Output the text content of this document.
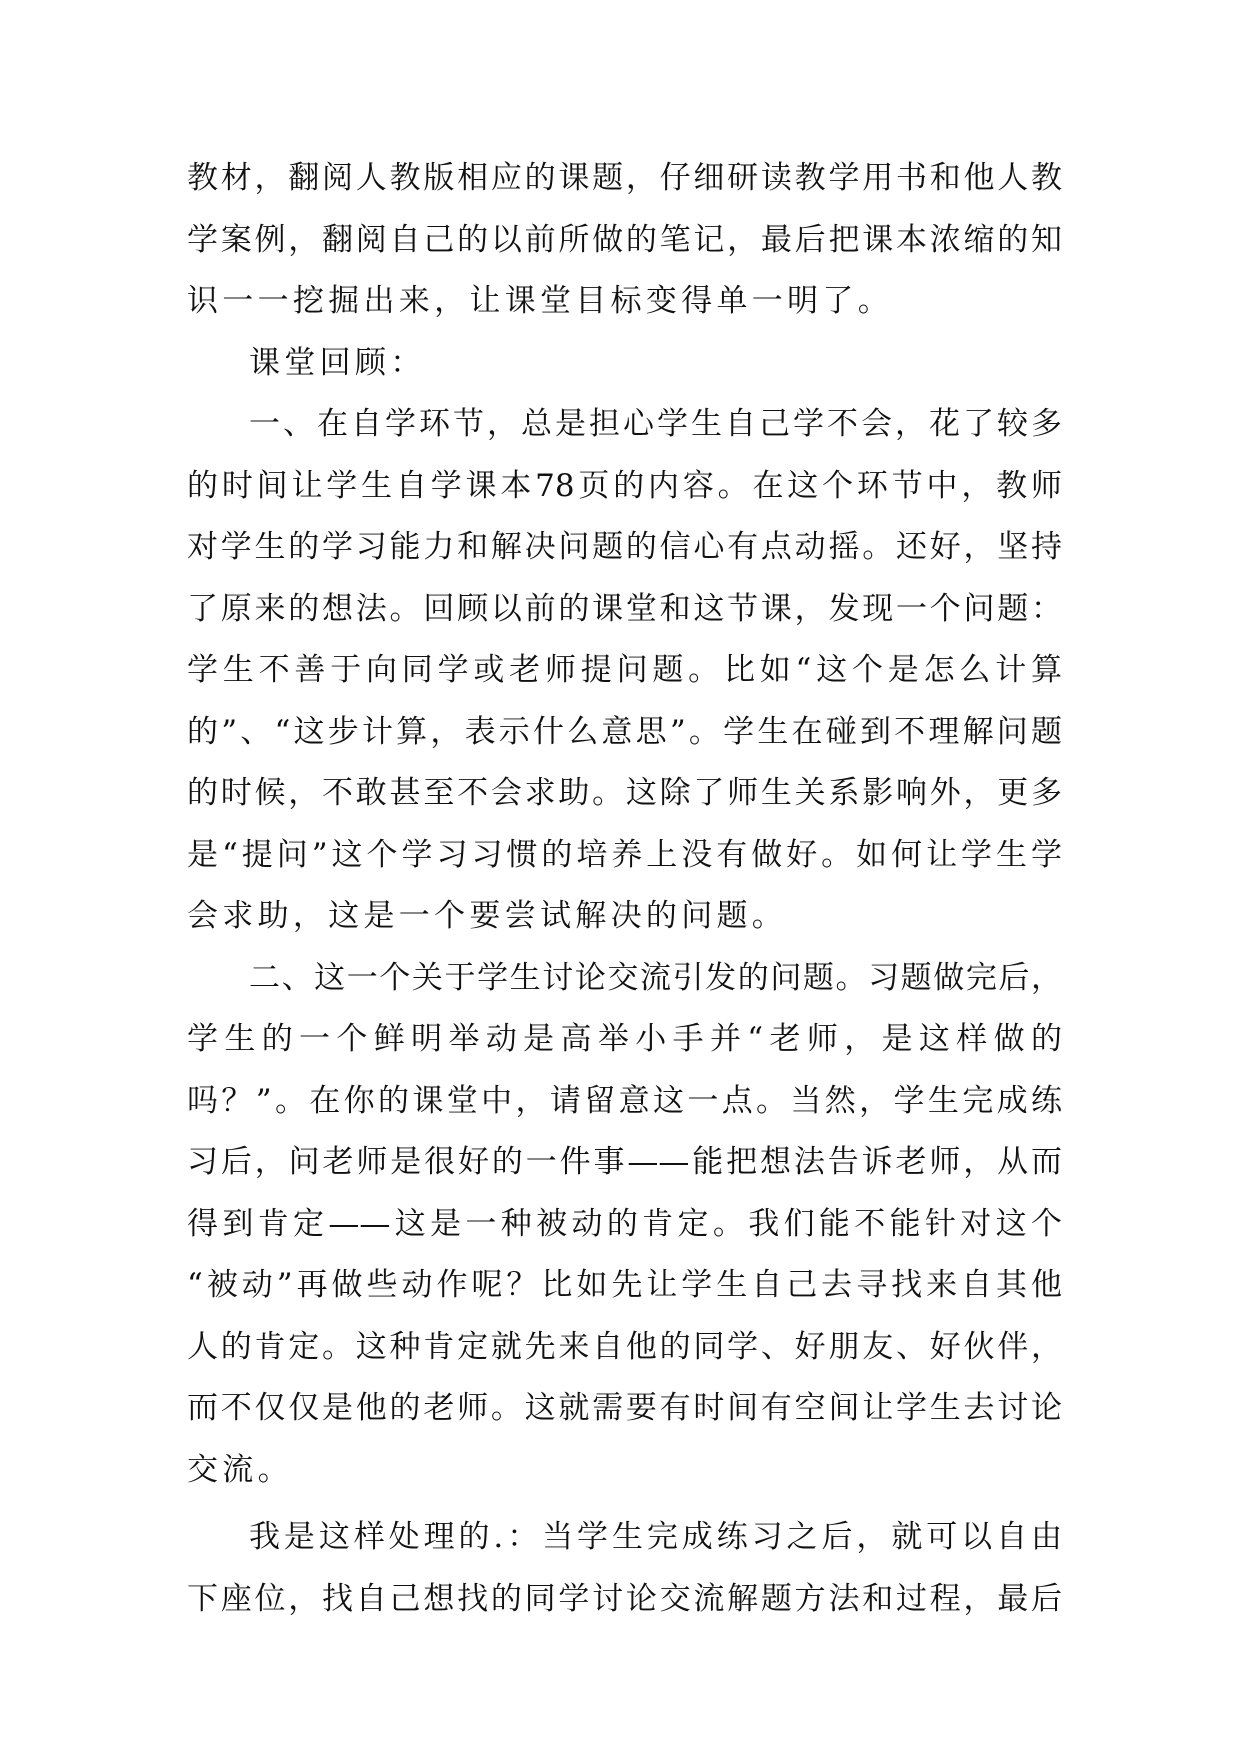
教材，翻阅人教版相应的课题，仔细研读教学用书和他人教
学案例，翻阅自己的以前所做的笔记，最后把课本浓缩的知
识一一挖掘出来，让课堂目标变得单一明了。
课堂回顾：
一、在自学环节，总是担心学生自己学不会，花了较多
的时间让学生自学课本78页的内容。在这个环节中，教师
对学生的学习能力和解决问题的信心有点动摇。还好，坚持
了原来的想法。回顾以前的课堂和这节课，发现一个问题：
学生不善于向同学或老师提问题。比如“这个是怎么计算
的”、“这步计算，表示什么意思”。学生在碰到不理解问题
的时候，不敢甚至不会求助。这除了师生关系影响外，更多
是“提问”这个学习习惯的培养上没有做好。如何让学生学
会求助，这是一个要尝试解决的问题。
二、这一个关于学生讨论交流引发的问题。习题做完后，
学生的一个鲜明举动是高举小手并“老师，是这样做的
吗？”。在你的课堂中，请留意这一点。当然，学生完成练
习后，问老师是很好的一件事——能把想法告诉老师，从而
得到肯定——这是一种被动的肯定。我们能不能针对这个
“被动”再做些动作呢？比如先让学生自己去寻找来自其他
人的肯定。这种肯定就先来自他的同学、好朋友、好伙伴，
而不仅仅是他的老师。这就需要有时间有空间让学生去讨论
交流。
我是这样处理的.：当学生完成练习之后，就可以自由
下座位，找自己想找的同学讨论交流解题方法和过程，最后
